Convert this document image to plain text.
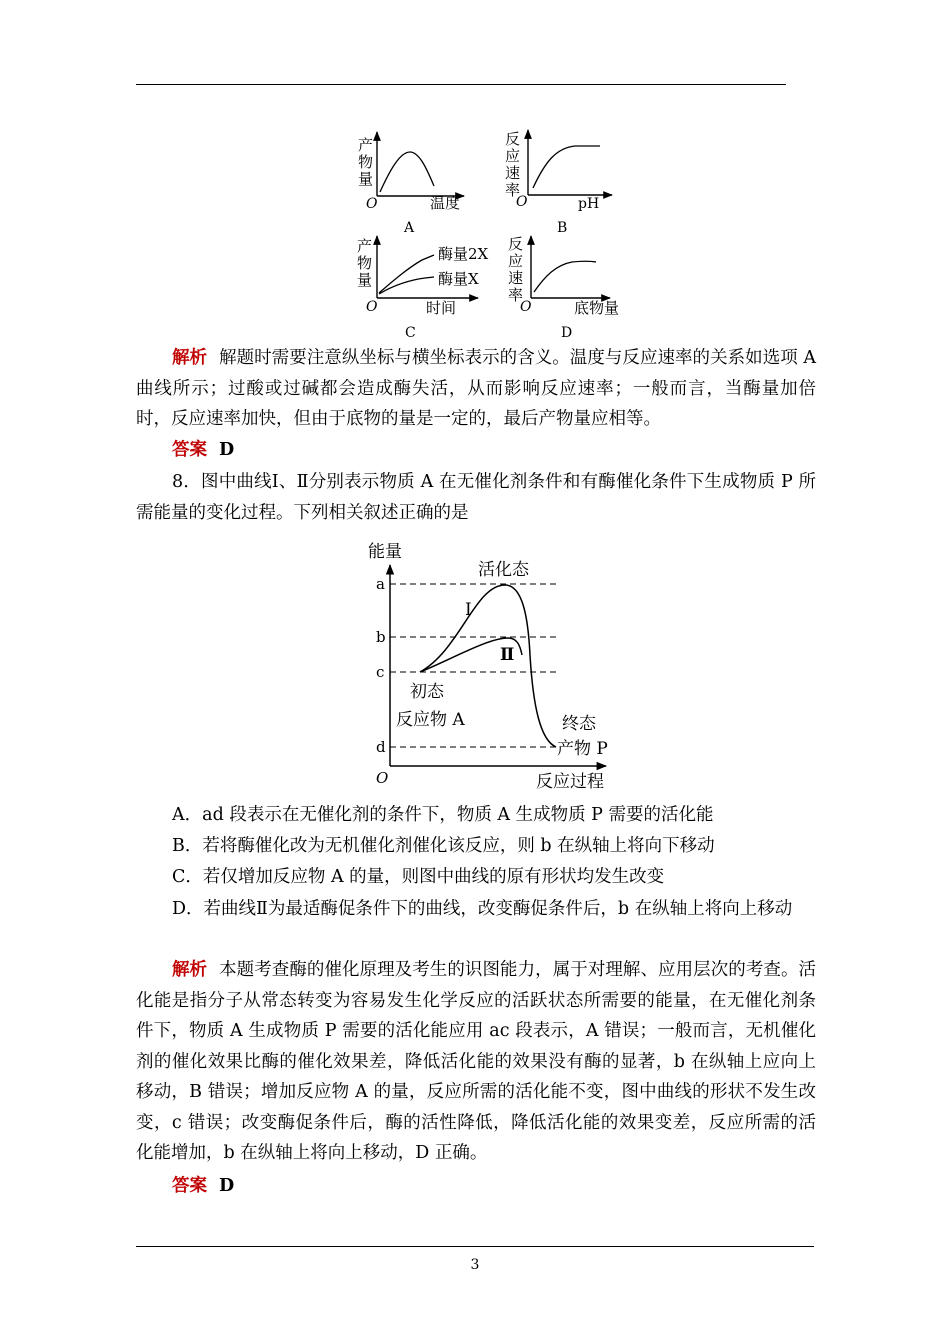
产
物
量
O	温度
A
反
应
速
率
O	pH
B
产
物
量
酶量2X
酶量X
O	时间
C
反
应
速
率
O	底物量
D

解析 解题时需要注意纵坐标与横坐标表示的含义。温度与反应速率的关系如选项 A 曲线所示；过酸或过碱都会造成酶失活，从而影响反应速率；一般而言，当酶量加倍时，反应速率加快，但由于底物的量是一定的，最后产物量应相等。

答案 D

8．图中曲线Ⅰ、Ⅱ分别表示物质 A 在无催化剂条件和有酶催化条件下生成物质 P 所需能量的变化过程。下列相关叙述正确的是

能量
a
b
c
d
活化态
Ⅰ
Ⅱ
初态
反应物 A	终态
产物 P
O	反应过程

A．ad 段表示在无催化剂的条件下，物质 A 生成物质 P 需要的活化能

B．若将酶催化改为无机催化剂催化该反应，则 b 在纵轴上将向下移动

C．若仅增加反应物 A 的量，则图中曲线的原有形状均发生改变

D．若曲线Ⅱ为最适酶促条件下的曲线，改变酶促条件后，b 在纵轴上将向上移动

解析 本题考查酶的催化原理及考生的识图能力，属于对理解、应用层次的考查。活化能是指分子从常态转变为容易发生化学反应的活跃状态所需要的能量，在无催化剂条件下，物质 A 生成物质 P 需要的活化能应用 ac 段表示，A 错误；一般而言，无机催化剂的催化效果比酶的催化效果差，降低活化能的效果没有酶的显著，b 在纵轴上应向上移动，B 错误；增加反应物 A 的量，反应所需的活化能不变，图中曲线的形状不发生改变，c 错误；改变酶促条件后，酶的活性降低，降低活化能的效果变差，反应所需的活化能增加，b 在纵轴上将向上移动，D 正确。

答案 D

3
